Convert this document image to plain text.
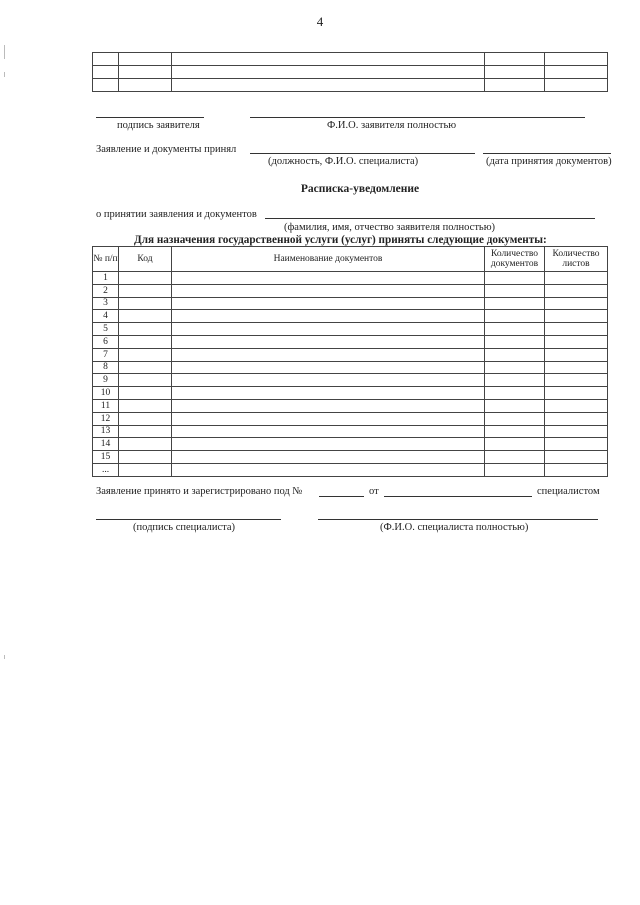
4

подпись заявителя	Ф.И.О. заявителя полностью
Заявление и документы принял
(должность, Ф.И.О. специалиста)	(дата принятия документов)
Расписка-уведомление
о принятии заявления и документов
(фамилия, имя, отчество заявителя полностью)
Для назначения государственной услуги (услуг) приняты следующие документы:
№ п/п	Код	Наименование документов	Количество документов	Количество листов
1				
2				
3				
4				
5				
6				
7				
8				
9				
10				
11				
12				
13				
14				
15				
...				
Заявление принято и зарегистрировано под №	от	специалистом
(подпись специалиста)	(Ф.И.О. специалиста полностью)
